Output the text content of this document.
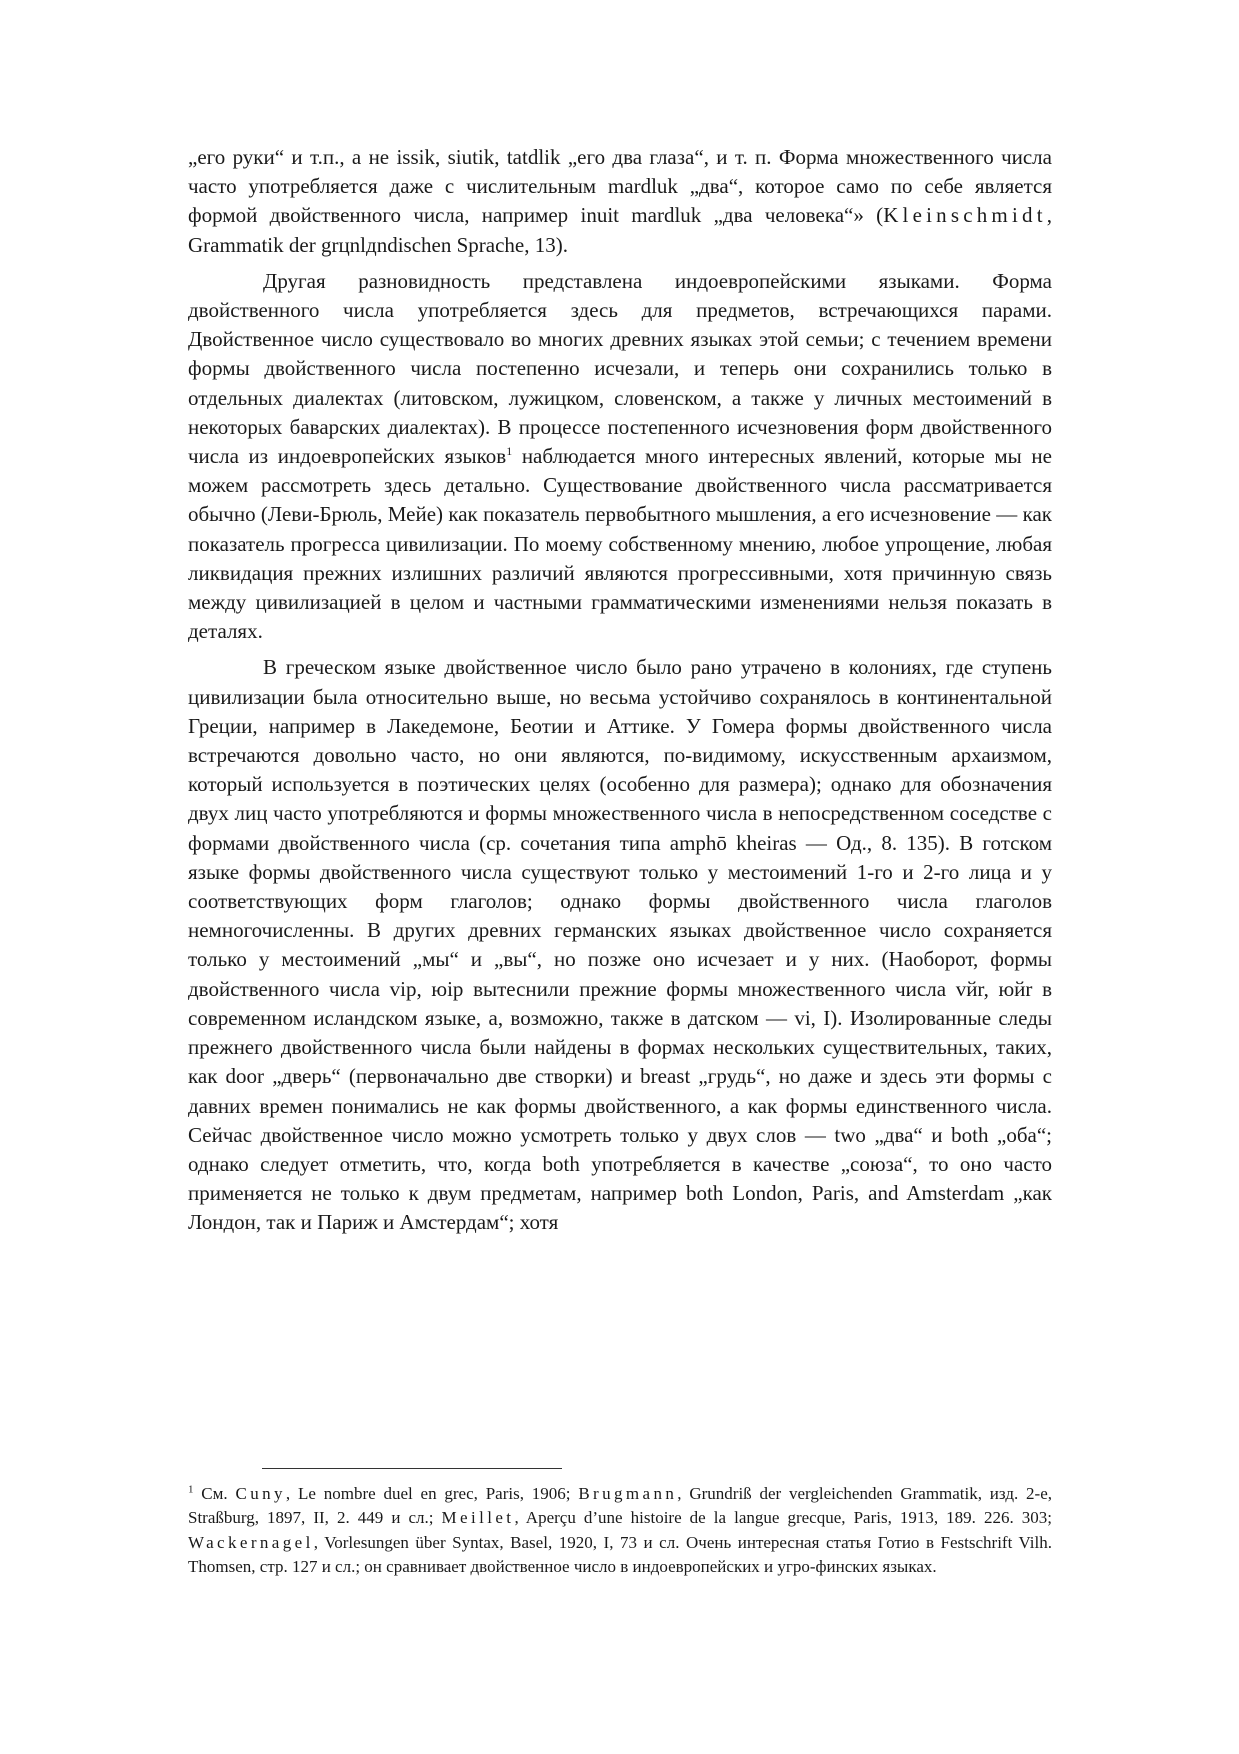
„его руки“ и т.п., а не issik, siutik, tatdlik „его два глаза“, и т. п. Форма множественного числа часто употребляется даже с числительным mardluk „два“, которое само по себе является формой двойственного числа, например inuit mardluk „два человека“» (Kleinschmidt, Grammatik der grцnlдndischen Sprache, 13).

Другая разновидность представлена индоевропейскими языками. Форма двойственного числа употребляется здесь для предметов, встречающихся парами. Двойственное число существовало во многих древних языках этой семьи; с течением времени формы двойственного числа постепенно исчезали, и теперь они сохранились только в отдельных диалектах (литовском, лужицком, словенском, а также у личных местоимений в некоторых баварских диалектах). В процессе постепенного исчезновения форм двойственного числа из индоевропейских языков$^1$ наблюдается много интересных явлений, которые мы не можем рассмотреть здесь детально. Существование двойственного числа рассматривается обычно (Леви-Брюль, Мейе) как показатель первобытного мышления, а его исчезновение — как показатель прогресса цивилизации. По моему собственному мнению, любое упрощение, любая ликвидация прежних излишних различий являются прогрессивными, хотя причинную связь между цивилизацией в целом и частными грамматическими изменениями нельзя показать в деталях.

В греческом языке двойственное число было рано утрачено в колониях, где ступень цивилизации была относительно выше, но весьма устойчиво сохранялось в континентальной Греции, например в Лакедемоне, Беотии и Аттике. У Гомера формы двойственного числа встречаются довольно часто, но они являются, по-видимому, искусственным архаизмом, который используется в поэтических целях (особенно для размера); однако для обозначения двух лиц часто употребляются и формы множественного числа в непосредственном соседстве с формами двойственного числа (ср. сочетания типа amphō kheiras — Од., 8. 135). В готском языке формы двойственного числа существуют только у местоимений 1-го и 2-го лица и у соответствующих форм глаголов; однако формы двойственного числа глаголов немногочисленны. В других древних германских языках двойственное число сохраняется только у местоимений „мы“ и „вы“, но позже оно исчезает и у них. (Наоборот, формы двойственного числа vip, юip вытеснили прежние формы множественного числа vйr, юйr в современном исландском языке, а, возможно, также в датском — vi, I). Изолированные следы прежнего двойственного числа были найдены в формах нескольких существительных, таких, как door „дверь“ (первоначально две створки) и breast „грудь“, но даже и здесь эти формы с давних времен понимались не как формы двойственного, а как формы единственного числа. Сейчас двойственное число можно усмотреть только у двух слов — two „два“ и both „оба“; однако следует отметить, что, когда both употребляется в качестве „союза“, то оно часто применяется не только к двум предметам, например both London, Paris, and Amsterdam „как Лондон, так и Париж и Амстердам“; хотя

$^1$ См. Cuny, Le nombre duel en grec, Paris, 1906; Brugmann, Grundriß der vergleichenden Grammatik, изд. 2-е, Straßburg, 1897, II, 2. 449 и сл.; Meillet, Aperçu d’une histoire de la langue grecque, Paris, 1913, 189. 226. 303; Wackernagel, Vorlesungen über Syntax, Basel, 1920, I, 73 и сл. Очень интересная статья Готио в Festschrift Vilh. Thomsen, стр. 127 и сл.; он сравнивает двойственное число в индоевропейских и угро-финских языках.
